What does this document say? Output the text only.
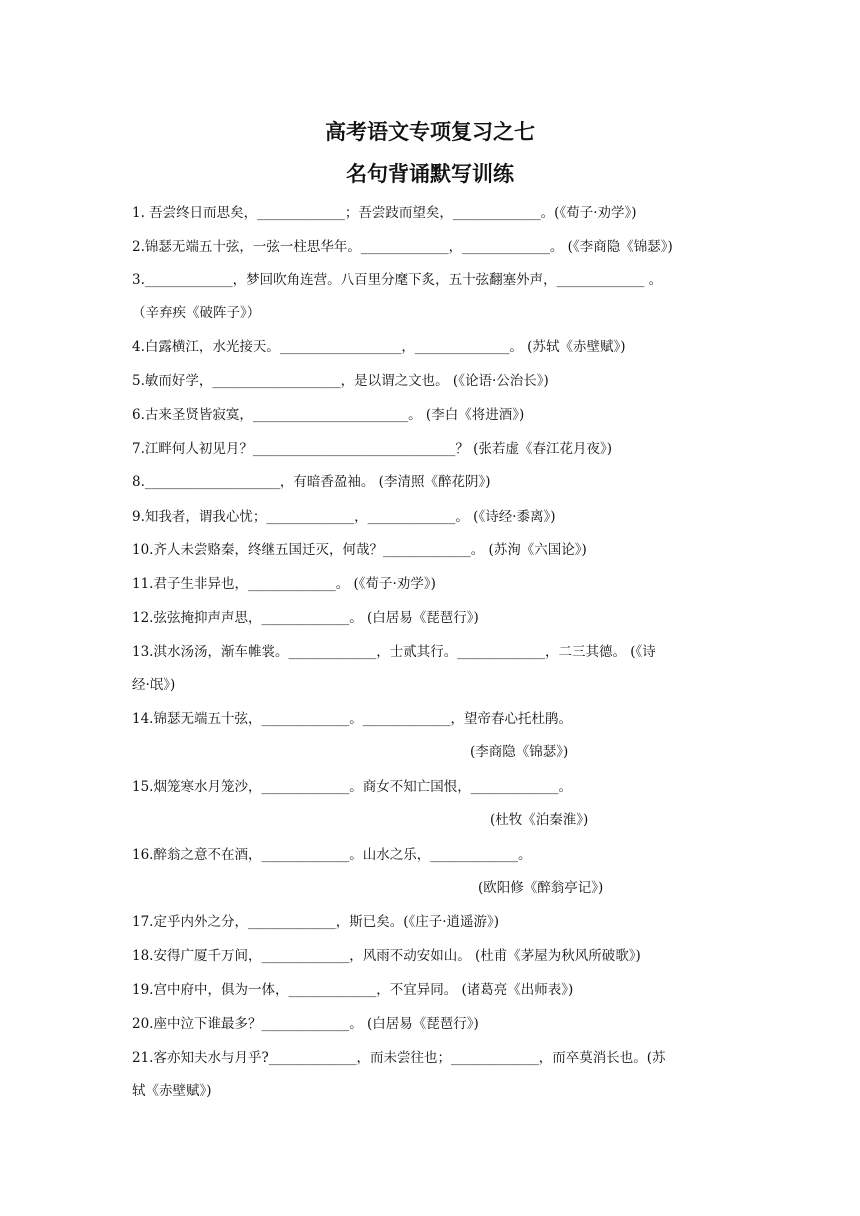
高考语文专项复习之七
名句背诵默写训练
1. 吾尝终日而思矣，_____________；吾尝跂而望矣，_____________。(《荀子·劝学》)
2.锦瑟无端五十弦，一弦一柱思华年。_____________，_____________。 (《李商隐《锦瑟》)
3._____________，梦回吹角连营。八百里分麾下炙，五十弦翻塞外声，_____________ 。
（辛弃疾《破阵子》）
4.白露横江，水光接天。__________________，______________。 (苏轼《赤壁赋》)
5.敏而好学，___________________，是以谓之文也。 (《论语·公治长》)
6.古来圣贤皆寂寞，_______________________。 (李白《将进酒》)
7.江畔何人初见月？______________________________？ (张若虚《春江花月夜》)
8.____________________，有暗香盈袖。 (李清照《醉花阴》)
9.知我者，谓我心忧；_____________，_____________。 (《诗经·黍离》)
10.齐人未尝赂秦，终继五国迁灭，何哉？_____________。 (苏洵《六国论》)
11.君子生非异也，_____________。 (《荀子·劝学》)
12.弦弦掩抑声声思，_____________。 (白居易《琵琶行》)
13.淇水汤汤，渐车帷裳。_____________，士贰其行。_____________，二三其德。 (《诗
经·氓》)
14.锦瑟无端五十弦，_____________。_____________，望帝春心托杜鹃。
(李商隐《锦瑟》)
15.烟笼寒水月笼沙，_____________。商女不知亡国恨，_____________。
(杜牧《泊秦淮》)
16.醉翁之意不在酒，_____________。山水之乐，_____________。
(欧阳修《醉翁亭记》)
17.定乎内外之分，_____________，斯已矣。(《庄子·逍遥游》)
18.安得广厦千万间，_____________，风雨不动安如山。 (杜甫《茅屋为秋风所破歌》)
19.宫中府中，俱为一体，_____________，不宜异同。 (诸葛亮《出师表》)
20.座中泣下谁最多？_____________。 (白居易《琵琶行》)
21.客亦知夫水与月乎?_____________，而未尝往也；_____________，而卒莫消长也。(苏
轼《赤壁赋》)
